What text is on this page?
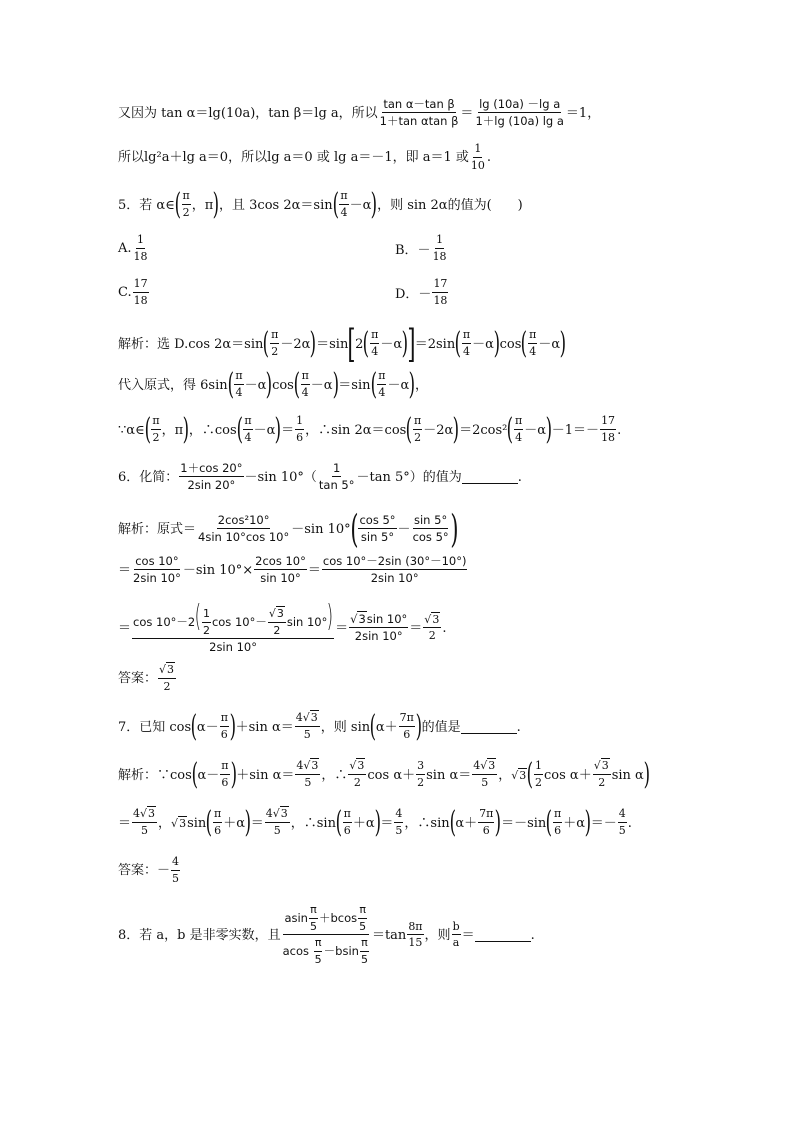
又因为 tan α＝lg(10a)，tan β＝lg a，所以
tan α－tan β
1＋tan αtan β
＝
lg (10a) －lg a
1＋lg (10a) lg a
＝1，
所以lg²a＋lg a＝0，所以lg a＝0 或 lg a＝－1，即 a＝1 或
1
10 .
5．若 α∈ ( π
2 ，π ) ，且 3cos 2α＝sin ( π
4 －α ) ，则 sin 2α的值为(　　)
A.
1
18	B．－
1
18
C.
17
18	D．－
17
18
解析：选 D.cos 2α＝sin ( π
2 －2α ) ＝sin [ 2 ( π
4 －α )
] ＝2sin ( π
4 －α ) cos ( π
4 －α )
代入原式，得 6sin ( π
4 －α ) cos ( π
4 －α ) ＝sin ( π
4 －α ) ，
∵α∈ ( π
2 ，π ) ，∴cos ( π
4 －α ) ＝
1
6 ，∴sin 2α＝cos ( π
2 －2α ) ＝2cos² ( π
4 －α ) －1＝－
17
18 .
6．化简：
1＋cos 20°
2sin 20°
－sin 10°（
1
tan 5°
－tan 5°）的值为
	.
解析：原式＝
2cos²10°
4sin 10°cos 10°
－sin 10° ( cos 5°
sin 5°
－
sin 5°
cos 5° )
＝
cos 10°
2sin 10°
－sin $10^\circ\times \frac{2\cos 10^\circ}{\sin 10^\circ}$ ＝
cos 10°－2sin (30°－10°)
2sin 10°
＝ $\cos 10^\circ-2( \frac{1}{2}$ $\cos 10^\circ- \frac{√3}{2}$ sin 10°)
2sin 10°
＝
√3sin 10°
2sin 10°
＝
√3
2 .
答案：
√3
2
7．已知 cos ( α－
π
6 ) ＋sin α＝
4√3
5 ，则 sin ( α＋
7π
6 ) 的值是
	.
解析：∵cos ( α－
π
6 ) ＋sin α＝
4√3
5 ，∴
√3
2 cos α＋
3
2 sin α＝
4√3
5 ， √3 ( 1
2 cos α＋
√3
2 sin α )
＝
4√3
5 ， √3 sin ( π
6 ＋α ) ＝
4√3
5 ，∴sin ( π
6 ＋α ) ＝
4
5 ，∴sin ( α＋
7π
6 ) ＝－sin ( π
6 ＋α ) ＝－
4
5 .
答案：－
4
5
8．若 a，b 是非零实数，且
asin $\frac{\pi}{5} +bcos \frac{\pi}{5}$
acos $\frac{\pi}{5} -bsin \frac{\pi}{5}$
＝tan
8π
15 ，则
b
a ＝
	.
